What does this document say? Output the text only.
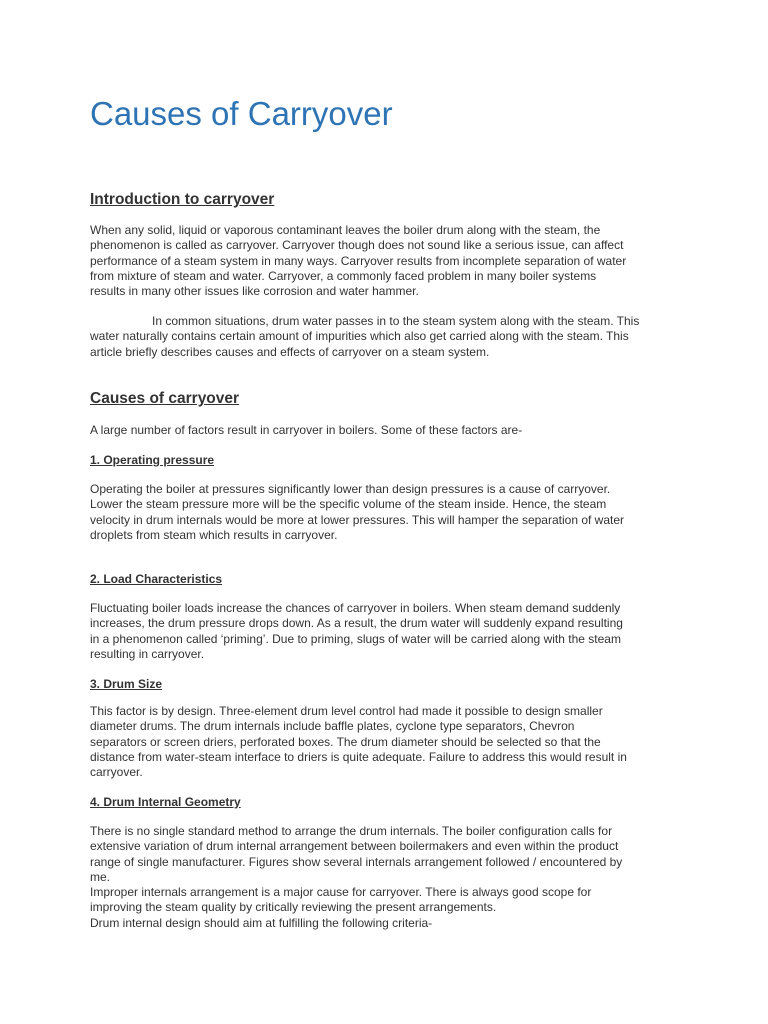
Causes of Carryover
Introduction to carryover
When any solid, liquid or vaporous contaminant leaves the boiler drum along with the steam, the
phenomenon is called as carryover. Carryover though does not sound like a serious issue, can affect
performance of a steam system in many ways. Carryover results from incomplete separation of water
from mixture of steam and water. Carryover, a commonly faced problem in many boiler systems
results in many other issues like corrosion and water hammer.
In common situations, drum water passes in to the steam system along with the steam. This
water naturally contains certain amount of impurities which also get carried along with the steam. This
article briefly describes causes and effects of carryover on a steam system.
Causes of carryover
A large number of factors result in carryover in boilers. Some of these factors are-
1. Operating pressure
Operating the boiler at pressures significantly lower than design pressures is a cause of carryover.
Lower the steam pressure more will be the specific volume of the steam inside. Hence, the steam
velocity in drum internals would be more at lower pressures. This will hamper the separation of water
droplets from steam which results in carryover.
2. Load Characteristics
Fluctuating boiler loads increase the chances of carryover in boilers. When steam demand suddenly
increases, the drum pressure drops down. As a result, the drum water will suddenly expand resulting
in a phenomenon called ‘priming’. Due to priming, slugs of water will be carried along with the steam
resulting in carryover.
3. Drum Size
This factor is by design. Three-element drum level control had made it possible to design smaller
diameter drums. The drum internals include baffle plates, cyclone type separators, Chevron
separators or screen driers, perforated boxes. The drum diameter should be selected so that the
distance from water-steam interface to driers is quite adequate. Failure to address this would result in
carryover.
4. Drum Internal Geometry
There is no single standard method to arrange the drum internals. The boiler configuration calls for
extensive variation of drum internal arrangement between boilermakers and even within the product
range of single manufacturer. Figures show several internals arrangement followed / encountered by
me.
Improper internals arrangement is a major cause for carryover. There is always good scope for
improving the steam quality by critically reviewing the present arrangements.
Drum internal design should aim at fulfilling the following criteria-
